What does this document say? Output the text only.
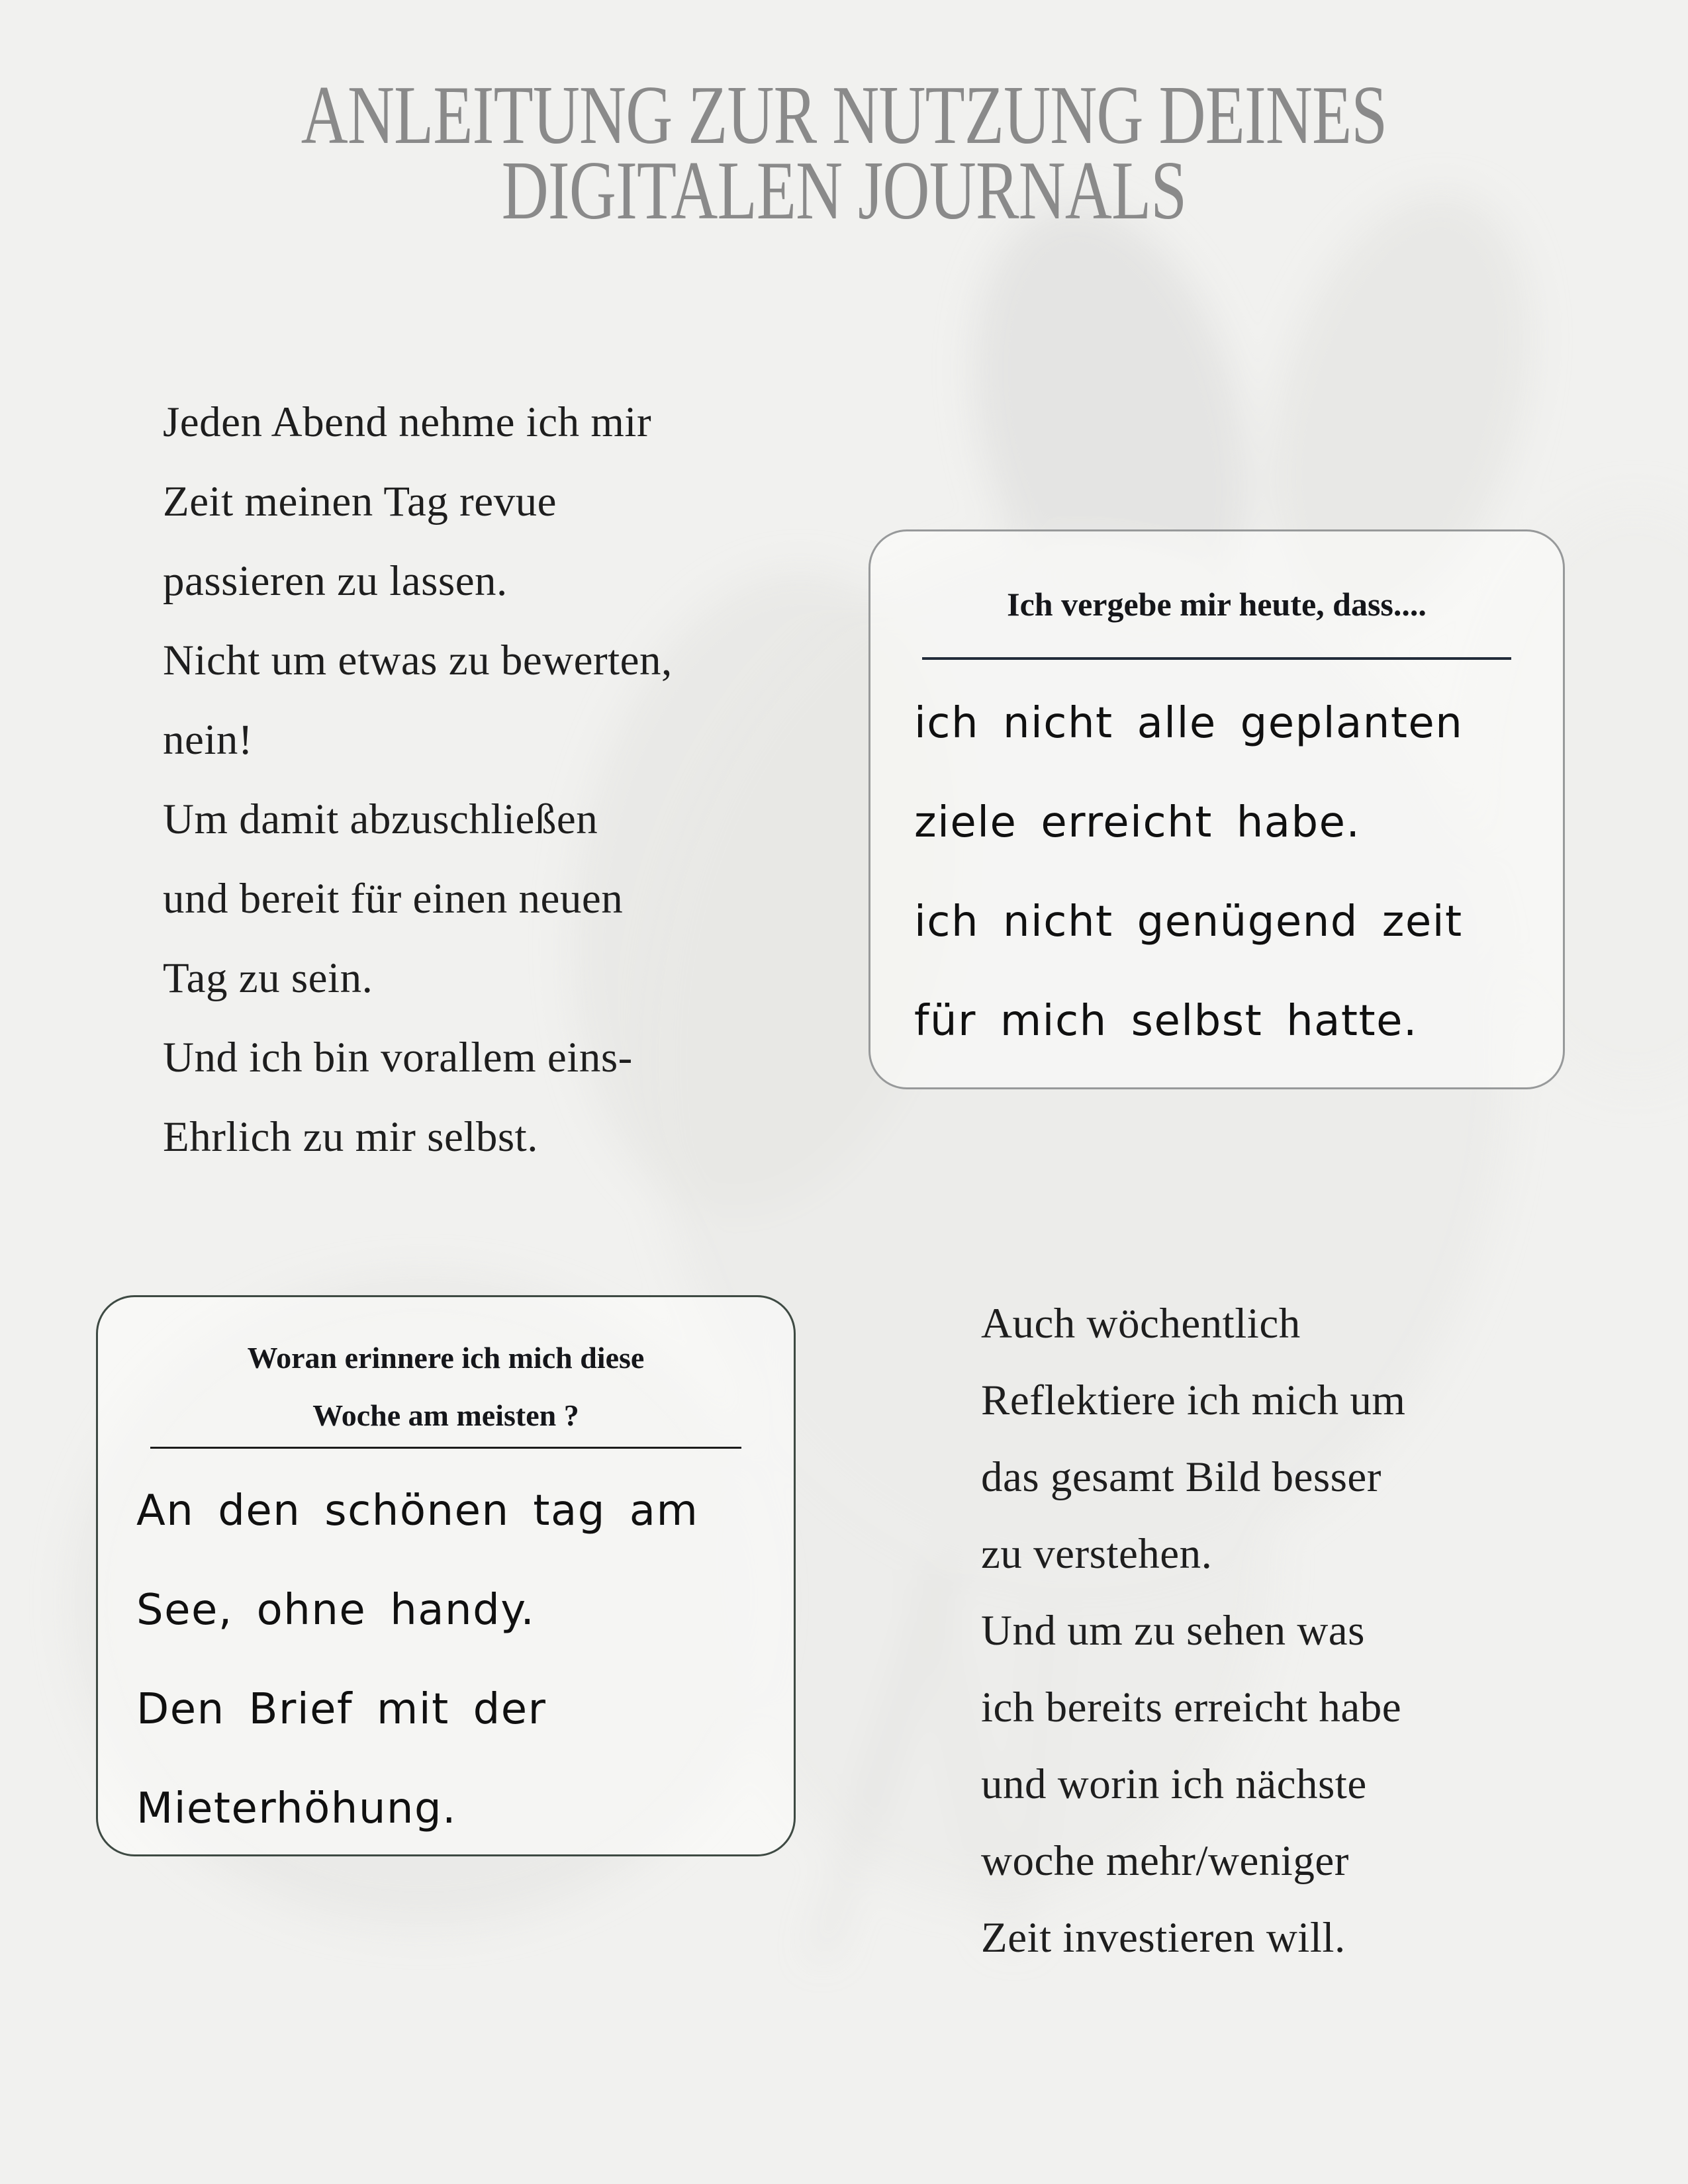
ANLEITUNG ZUR NUTZUNG DEINES
DIGITALEN JOURNALS
Jeden Abend nehme ich mir
Zeit meinen Tag revue
passieren zu lassen.
Nicht um etwas zu bewerten,
nein!
Um damit abzuschließen
und bereit für einen neuen
Tag zu sein.
Und ich bin vorallem eins-
Ehrlich zu mir selbst.
Ich vergebe mir heute, dass....
ich nicht alle geplanten
ziele erreicht habe.
ich nicht genügend zeit
für mich selbst hatte.
Woran erinnere ich mich diese
Woche am meisten ?
An den schönen tag am
See, ohne handy.
Den Brief mit der
Mieterhöhung.
Auch wöchentlich
Reflektiere ich mich um
das gesamt Bild besser
zu verstehen.
Und um zu sehen was
ich bereits erreicht habe
und worin ich nächste
woche mehr/weniger
Zeit investieren will.
